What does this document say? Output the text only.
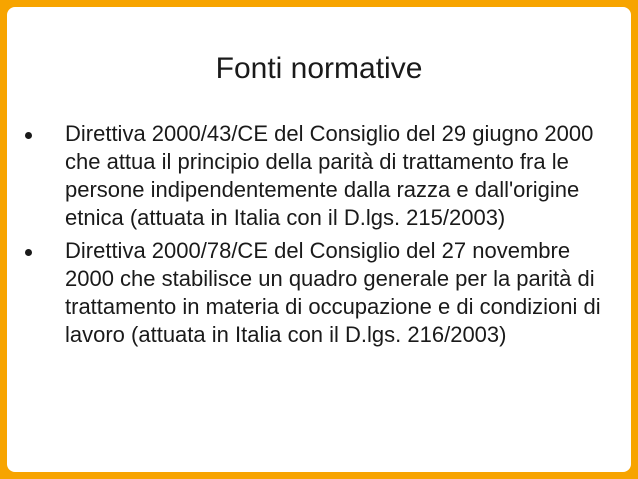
Fonti normative
Direttiva 2000/43/CE del Consiglio del 29 giugno 2000 che attua il principio della parità di trattamento fra le persone indipendentemente dalla razza e dall'origine etnica (attuata in Italia con il D.lgs. 215/2003)
Direttiva 2000/78/CE del Consiglio del 27 novembre 2000 che stabilisce un quadro generale per la parità di trattamento in materia di occupazione e di condizioni di lavoro (attuata in Italia con il D.lgs. 216/2003)
